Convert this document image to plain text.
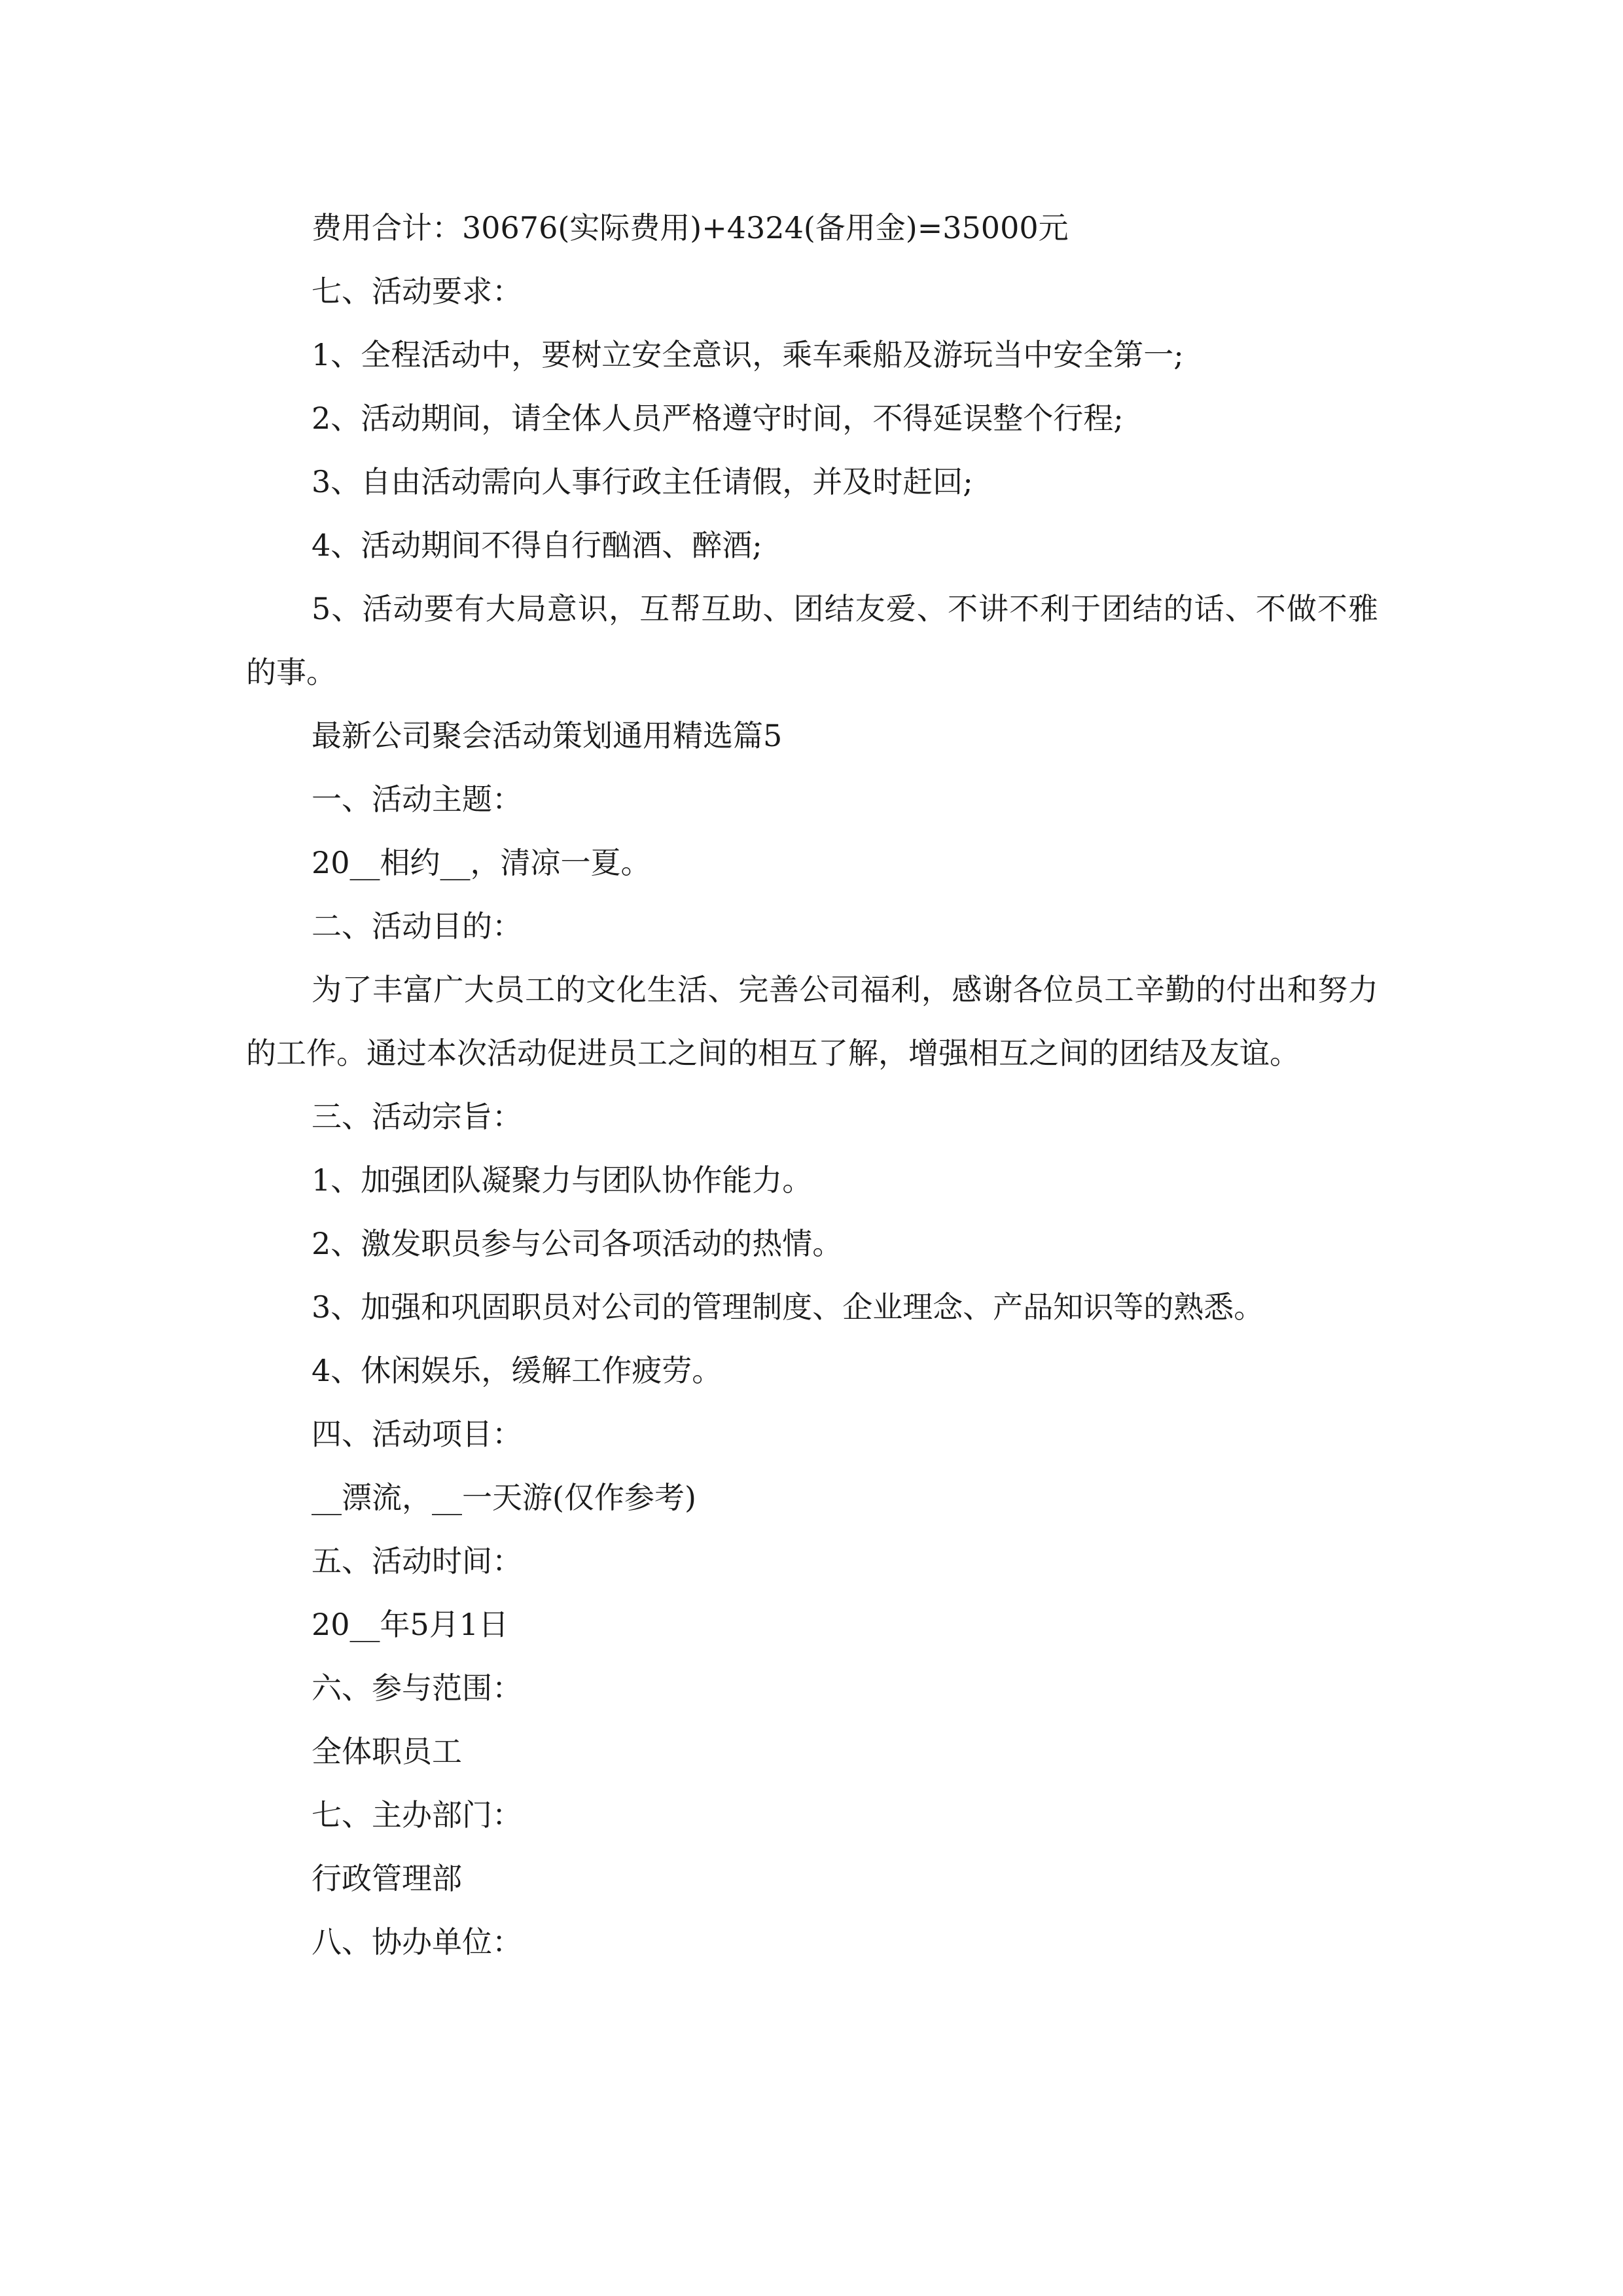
费用合计：30676(实际费用)+4324(备用金)=35000元

七、活动要求：

1、全程活动中，要树立安全意识，乘车乘船及游玩当中安全第一;

2、活动期间，请全体人员严格遵守时间，不得延误整个行程;

3、自由活动需向人事行政主任请假，并及时赶回;

4、活动期间不得自行酗酒、醉酒;

5、活动要有大局意识，互帮互助、团结友爱、不讲不利于团结的话、不做不雅的事。

最新公司聚会活动策划通用精选篇5

一、活动主题：

20__相约__，清凉一夏。

二、活动目的：

为了丰富广大员工的文化生活、完善公司福利，感谢各位员工辛勤的付出和努力的工作。通过本次活动促进员工之间的相互了解，增强相互之间的团结及友谊。

三、活动宗旨：

1、加强团队凝聚力与团队协作能力。

2、激发职员参与公司各项活动的热情。

3、加强和巩固职员对公司的管理制度、企业理念、产品知识等的熟悉。

4、休闲娱乐，缓解工作疲劳。

四、活动项目：

__漂流，__一天游(仅作参考)

五、活动时间：

20__年5月1日

六、参与范围：

全体职员工

七、主办部门：

行政管理部

八、协办单位：
